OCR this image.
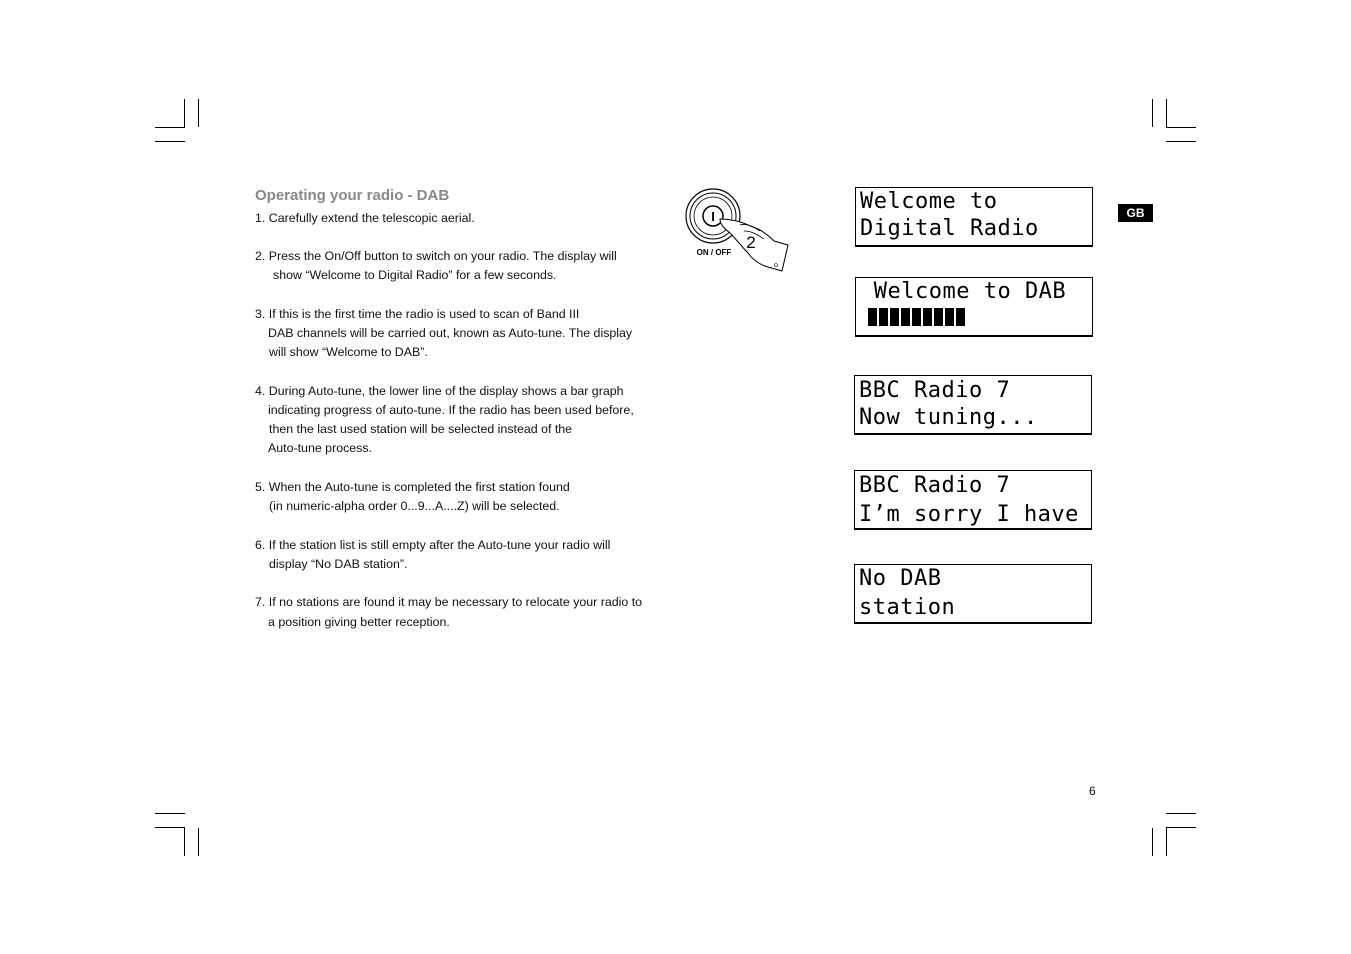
Operating your radio - DAB
1. Carefully extend the telescopic aerial.
2. Press the On/Off button to switch on your radio. The display will
show “Welcome to Digital Radio” for a few seconds.
3. If this is the first time the radio is used to scan of Band III
DAB channels will be carried out, known as Auto-tune. The display
will show “Welcome to DAB”.
4. During Auto-tune, the lower line of the display shows a bar graph
indicating progress of auto-tune. If the radio has been used before,
then the last used station will be selected instead of the
Auto-tune process.
5. When the Auto-tune is completed the first station found
(in numeric-alpha order 0...9...A....Z) will be selected.
6. If the station list is still empty after the Auto-tune your radio will
display “No DAB station”.
7. If no stations are found it may be necessary to relocate your radio to
a position giving better reception.
I
2
ON / OFF
Welcome to
Digital Radio
Welcome to DAB
BBC Radio 7
Now tuning...
BBC Radio 7
I’m sorry I have
No DAB
station
GB
6
